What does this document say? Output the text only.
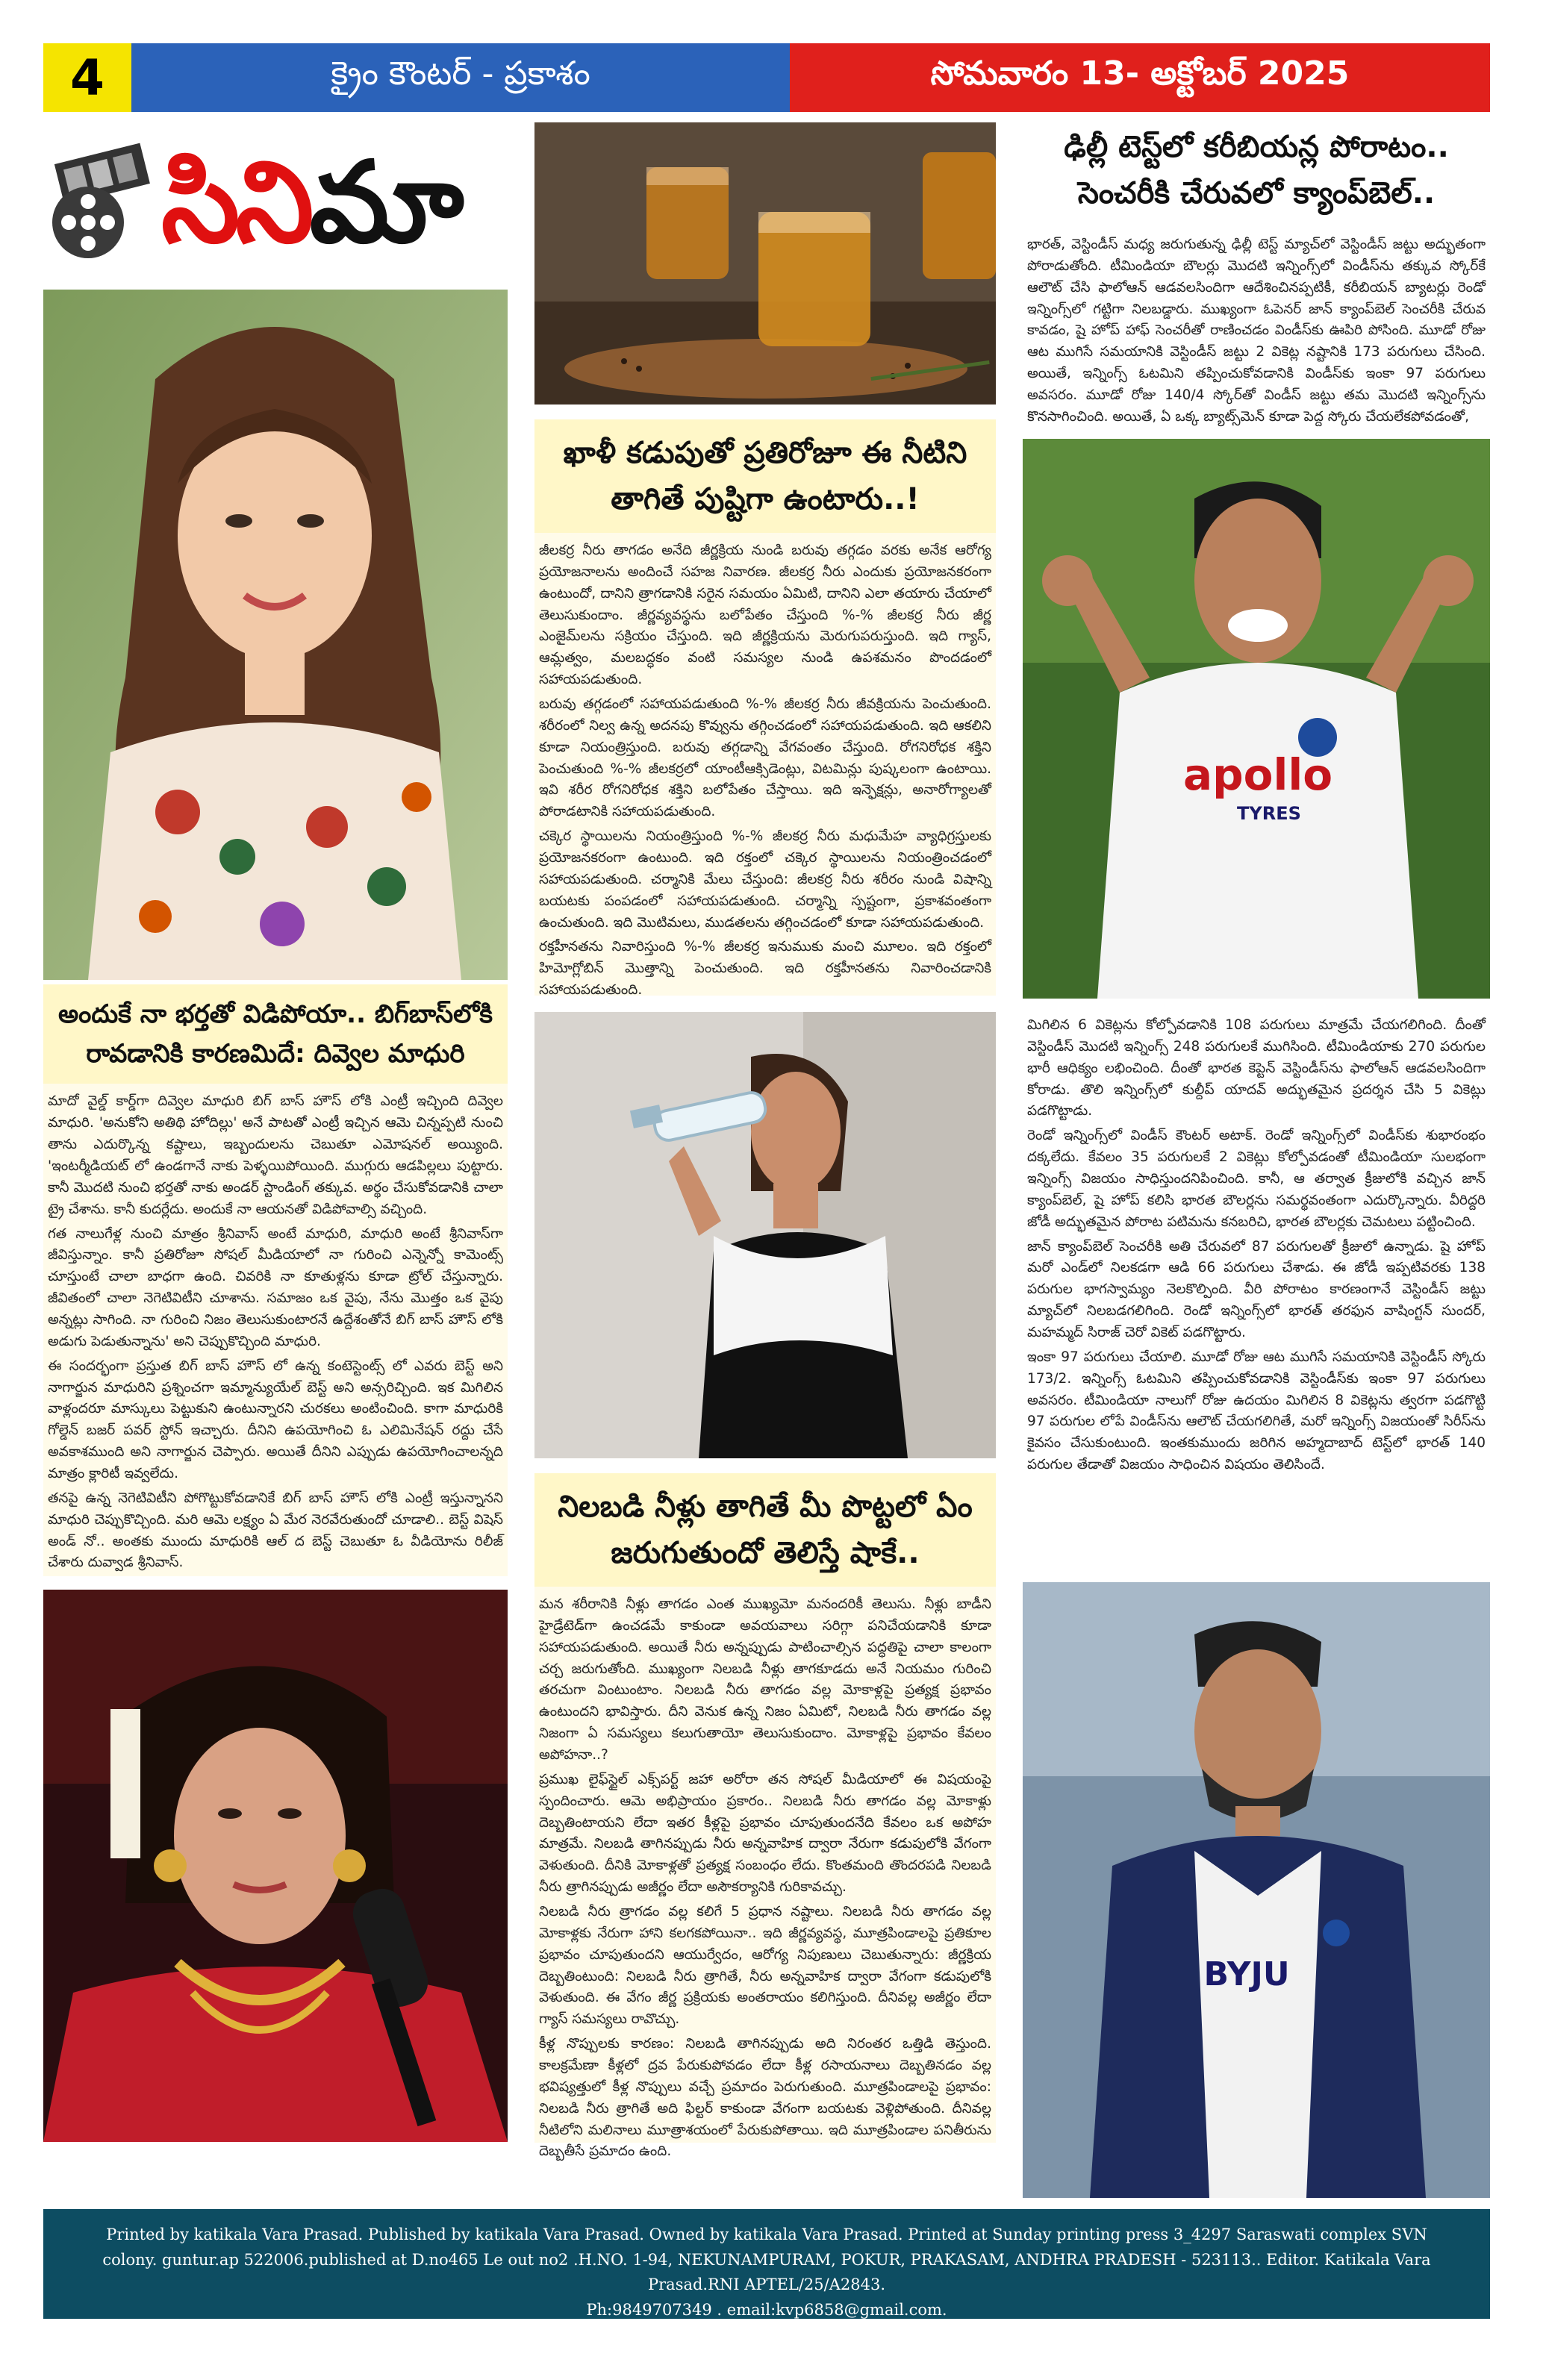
4	క్రైం కౌంటర్ - ప్రకాశం	సోమవారం 13- అక్టోబర్ 2025
సినిమా
అందుకే నా భర్తతో విడిపోయా.. బిగ్‌బాస్‌లోకి రావడానికి కారణమిదే: దివ్వెల మాధురి

మాదో వైల్డ్ కార్డ్‌గా దివ్వెల మాధురి బిగ్ బాస్ హౌస్‌ లోకి ఎంట్రీ ఇచ్చింది దివ్వెల మాధురి. 'అనుకోని అతిథి హోదిల్లు' అనే పాటతో ఎంట్రీ ఇచ్చిన ఆమె చిన్నప్పటి నుంచి తాను ఎదుర్కొన్న కష్టాలు, ఇబ్బందులను చెబుతూ ఎమోషనల్ అయ్యింది. 'ఇంటర్మీడియట్ లో ఉండగానే నాకు పెళ్ళయిపోయింది. ముగ్గురు ఆడపిల్లలు పుట్టారు. కానీ మొదటి నుంచి భర్తతో నాకు అండర్ స్టాండింగ్ తక్కువ. అర్థం చేసుకోవడానికి చాలా ట్రై చేశాను. కానీ కుదర్లేదు. అందుకే నా ఆయనతో విడిపోవాల్సి వచ్చింది.

గత నాలుగేళ్ల నుంచి మాత్రం శ్రీనివాస్ అంటే మాధురి, మాధురి అంటే శ్రీనివాస్‌గా జీవిస్తున్నాం. కానీ ప్రతిరోజూ సోషల్ మీడియాలో నా గురించి ఎన్నెన్నో కామెంట్స్ చూస్తుంటే చాలా బాధగా ఉంది. చివరికి నా కూతుళ్లను కూడా ట్రోల్ చేస్తున్నారు. జీవితంలో చాలా నెగెటివిటీని చూశాను. సమాజం ఒక వైపు, నేను మొత్తం ఒక వైపు అన్నట్లు సాగింది. నా గురించి నిజం తెలుసుకుంటారనే ఉద్దేశంతోనే బిగ్ బాస్ హౌస్ లోకి అడుగు పెడుతున్నాను' అని చెప్పుకొచ్చింది మాధురి.

ఈ సందర్భంగా ప్రస్తుత బిగ్ బాస్ హౌస్ లో ఉన్న కంటెస్టెంట్స్ లో ఎవరు బెస్ట్ అని నాగార్జున మాధురిని ప్రశ్నించగా ఇమ్మాన్యుయేల్ బెస్ట్ అని అన్సరిచ్చింది. ఇక మిగిలిన వాళ్లందరూ మాస్కులు పెట్టుకుని ఉంటున్నారని చురకలు అంటించింది. కాగా మాధురికి గోల్డెన్ బజర్ పవర్ స్టోన్ ఇచ్చారు. దీనిని ఉపయోగించి ఓ ఎలిమినేషన్ రద్దు చేసే అవకాశముంది అని నాగార్జున చెప్పారు. అయితే దీనిని ఎప్పుడు ఉపయోగించాలన్నది మాత్రం క్లారిటీ ఇవ్వలేదు.

తనపై ఉన్న నెగెటివిటీని పోగొట్టుకోవడానికే బిగ్ బాస్ హౌస్ లోకి ఎంట్రీ ఇస్తున్నానని మాధురి చెప్పుకొచ్చింది. మరి ఆమె లక్ష్యం ఏ మేర నెరవేరుతుందో చూడాలి.. బెస్ట్ విషెస్ అండ్ నో.. అంతకు ముందు మాధురికి ఆల్ ద బెస్ట్ చెబుతూ ఓ వీడియోను రిలీజ్ చేశారు దువ్వాడ శ్రీనివాస్.

ఖాళీ కడుపుతో ప్రతిరోజూ ఈ నీటిని తాగితే పుష్టిగా ఉంటారు..!

జీలకర్ర నీరు తాగడం అనేది జీర్ణక్రియ నుండి బరువు తగ్గడం వరకు అనేక ఆరోగ్య ప్రయోజనాలను అందించే సహజ నివారణ. జీలకర్ర నీరు ఎందుకు ప్రయోజనకరంగా ఉంటుందో, దానిని త్రాగడానికి సరైన సమయం ఏమిటి, దానిని ఎలా తయారు చేయాలో తెలుసుకుందాం. జీర్ణవ్యవస్థను బలోపేతం చేస్తుంది %-% జీలకర్ర నీరు జీర్ణ ఎంజైమ్‌లను సక్రియం చేస్తుంది. ఇది జీర్ణక్రియను మెరుగుపరుస్తుంది. ఇది గ్యాస్, ఆమ్లత్వం, మలబద్ధకం వంటి సమస్యల నుండి ఉపశమనం పొందడంలో సహాయపడుతుంది.

బరువు తగ్గడంలో సహాయపడుతుంది %-% జీలకర్ర నీరు జీవక్రియను పెంచుతుంది. శరీరంలో నిల్వ ఉన్న అదనపు కొవ్వును తగ్గించడంలో సహాయపడుతుంది. ఇది ఆకలిని కూడా నియంత్రిస్తుంది. బరువు తగ్గడాన్ని వేగవంతం చేస్తుంది. రోగనిరోధక శక్తిని పెంచుతుంది %-% జీలకర్రలో యాంటీఆక్సిడెంట్లు, విటమిన్లు పుష్కలంగా ఉంటాయి. ఇవి శరీర రోగనిరోధక శక్తిని బలోపేతం చేస్తాయి. ఇది ఇన్ఫెక్షన్లు, అనారోగ్యాలతో పోరాడటానికి సహాయపడుతుంది.

చక్కెర స్థాయిలను నియంత్రిస్తుంది %-% జీలకర్ర నీరు మధుమేహ వ్యాధిగ్రస్తులకు ప్రయోజనకరంగా ఉంటుంది. ఇది రక్తంలో చక్కెర స్థాయిలను నియంత్రించడంలో సహాయపడుతుంది. చర్మానికి మేలు చేస్తుంది: జీలకర్ర నీరు శరీరం నుండి విషాన్ని బయటకు పంపడంలో సహాయపడుతుంది. చర్మాన్ని స్పష్టంగా, ప్రకాశవంతంగా ఉంచుతుంది. ఇది మొటిమలు, ముడతలను తగ్గించడంలో కూడా సహాయపడుతుంది.

రక్తహీనతను నివారిస్తుంది %-% జీలకర్ర ఇనుముకు మంచి మూలం. ఇది రక్తంలో హిమోగ్లోబిన్ మొత్తాన్ని పెంచుతుంది. ఇది రక్తహీనతను నివారించడానికి సహాయపడుతుంది.

నిలబడి నీళ్లు తాగితే మీ పొట్టలో ఏం జరుగుతుందో తెలిస్తే షాకే..

మన శరీరానికి నీళ్లు తాగడం ఎంత ముఖ్యమో మనందరికీ తెలుసు. నీళ్లు బాడీని హైడ్రేటెడ్‌గా ఉంచడమే కాకుండా అవయవాలు సరిగ్గా పనిచేయడానికి కూడా సహాయపడుతుంది. అయితే నీరు అన్నప్పుడు పాటించాల్సిన పద్ధతిపై చాలా కాలంగా చర్చ జరుగుతోంది. ముఖ్యంగా నిలబడి నీళ్లు తాగకూడదు అనే నియమం గురించి తరచుగా వింటుంటాం. నిలబడి నీరు తాగడం వల్ల మోకాళ్లపై ప్రత్యక్ష ప్రభావం ఉంటుందని భావిస్తారు. దీని వెనుక ఉన్న నిజం ఏమిటో, నిలబడి నీరు తాగడం వల్ల నిజంగా ఏ సమస్యలు కలుగుతాయో తెలుసుకుందాం. మోకాళ్లపై ప్రభావం కేవలం అపోహనా..?

ప్రముఖ లైఫ్‌స్టైల్ ఎక్స్‌పర్ట్ జహా అరోరా తన సోషల్ మీడియాలో ఈ విషయంపై స్పందించారు. ఆమె అభిప్రాయం ప్రకారం.. నిలబడి నీరు తాగడం వల్ల మోకాళ్లు దెబ్బతింటాయని లేదా ఇతర కీళ్లపై ప్రభావం చూపుతుందనేది కేవలం ఒక అపోహ మాత్రమే. నిలబడి తాగినప్పుడు నీరు అన్నవాహిక ద్వారా నేరుగా కడుపులోకి వేగంగా వెళుతుంది. దీనికి మోకాళ్లతో ప్రత్యక్ష సంబంధం లేదు. కొంతమంది తొందరపడి నిలబడి నీరు త్రాగినప్పుడు అజీర్ణం లేదా అసౌకర్యానికి గురికావచ్చు.

నిలబడి నీరు త్రాగడం వల్ల కలిగే 5 ప్రధాన నష్టాలు. నిలబడి నీరు తాగడం వల్ల మోకాళ్లకు నేరుగా హాని కలగకపోయినా.. ఇది జీర్ణవ్యవస్థ, మూత్రపిండాలపై ప్రతికూల ప్రభావం చూపుతుందని ఆయుర్వేదం, ఆరోగ్య నిపుణులు చెబుతున్నారు: జీర్ణక్రియ దెబ్బతింటుంది: నిలబడి నీరు త్రాగితే, నీరు అన్నవాహిక ద్వారా వేగంగా కడుపులోకి వెళుతుంది. ఈ వేగం జీర్ణ ప్రక్రియకు అంతరాయం కలిగిస్తుంది. దీనివల్ల అజీర్ణం లేదా గ్యాస్ సమస్యలు రావొచ్చు.

కీళ్ల నొప్పులకు కారణం: నిలబడి తాగినప్పుడు అది నిరంతర ఒత్తిడి తెస్తుంది. కాలక్రమేణా కీళ్లలో ద్రవ పేరుకుపోవడం లేదా కీళ్ల రసాయనాలు దెబ్బతినడం వల్ల భవిష్యత్తులో కీళ్ల నొప్పులు వచ్చే ప్రమాదం పెరుగుతుంది. మూత్రపిండాలపై ప్రభావం: నిలబడి నీరు త్రాగితే అది ఫిల్టర్ కాకుండా వేగంగా బయటకు వెళ్లిపోతుంది. దీనివల్ల నీటిలోని మలినాలు మూత్రాశయంలో పేరుకుపోతాయి. ఇది మూత్రపిండాల పనితీరును దెబ్బతీసే ప్రమాదం ఉంది.

ఢిల్లీ టెస్ట్‌లో కరీబియన్ల పోరాటం.. సెంచరీకి చేరువలో క్యాంప్‌బెల్..

భారత్, వెస్టిండీస్ మధ్య జరుగుతున్న ఢిల్లీ టెస్ట్ మ్యాచ్‌లో వెస్టిండీస్ జట్టు అద్భుతంగా పోరాడుతోంది. టీమిండియా బౌలర్లు మొదటి ఇన్నింగ్స్‌లో విండీస్‌ను తక్కువ స్కోర్‌కే ఆలౌట్ చేసి ఫాలోఆన్ ఆడవలసిందిగా ఆదేశించినప్పటికీ, కరీబియన్ బ్యాటర్లు రెండో ఇన్నింగ్స్‌లో గట్టిగా నిలబడ్డారు. ముఖ్యంగా ఓపెనర్ జాన్ క్యాంప్‌బెల్ సెంచరీకి చేరువ కావడం, షై హోప్ హాఫ్ సెంచరీతో రాణించడం విండీస్‌కు ఊపిరి పోసింది. మూడో రోజు ఆట ముగిసే సమయానికి వెస్టిండీస్ జట్టు 2 వికెట్ల నష్టానికి 173 పరుగులు చేసింది. అయితే, ఇన్నింగ్స్ ఓటమిని తప్పించుకోవడానికి విండీస్‌కు ఇంకా 97 పరుగులు అవసరం. మూడో రోజు 140/4 స్కోర్‌తో విండీస్ జట్టు తమ మొదటి ఇన్నింగ్స్‌ను కొనసాగించింది. అయితే, ఏ ఒక్క బ్యాట్స్‌మెన్ కూడా పెద్ద స్కోరు చేయలేకపోవడంతో,

apollo
TYRES

మిగిలిన 6 వికెట్లను కోల్పోవడానికి 108 పరుగులు మాత్రమే చేయగలిగింది. దీంతో వెస్టిండీస్ మొదటి ఇన్నింగ్స్ 248 పరుగులకే ముగిసింది. టీమిండియాకు 270 పరుగుల భారీ ఆధిక్యం లభించింది. దీంతో భారత కెప్టెన్ వెస్టిండీస్‌ను ఫాలోఆన్ ఆడవలసిందిగా కోరాడు. తొలి ఇన్నింగ్స్‌లో కుల్దీప్ యాదవ్ అద్భుతమైన ప్రదర్శన చేసి 5 వికెట్లు పడగొట్టాడు.

రెండో ఇన్నింగ్స్‌లో విండీస్ కౌంటర్ అటాక్. రెండో ఇన్నింగ్స్‌లో విండీస్‌కు శుభారంభం దక్కలేదు. కేవలం 35 పరుగులకే 2 వికెట్లు కోల్పోవడంతో టీమిండియా సులభంగా ఇన్నింగ్స్ విజయం సాధిస్తుందనిపించింది. కానీ, ఆ తర్వాత క్రీజులోకి వచ్చిన జాన్ క్యాంప్‌బెల్, షై హోప్ కలిసి భారత బౌలర్లను సమర్థవంతంగా ఎదుర్కొన్నారు. వీరిద్దరి జోడీ అద్భుతమైన పోరాట పటిమను కనబరిచి, భారత బౌలర్లకు చెమటలు పట్టించింది.

జాన్ క్యాంప్‌బెల్ సెంచరీకి అతి చేరువలో 87 పరుగులతో క్రీజులో ఉన్నాడు. షై హోప్ మరో ఎండ్‌లో నిలకడగా ఆడి 66 పరుగులు చేశాడు. ఈ జోడీ ఇప్పటివరకు 138 పరుగుల భాగస్వామ్యం నెలకొల్పింది. వీరి పోరాటం కారణంగానే వెస్టిండీస్ జట్టు మ్యాచ్‌లో నిలబడగలిగింది. రెండో ఇన్నింగ్స్‌లో భారత్ తరఫున వాషింగ్టన్ సుందర్, మహమ్మద్ సిరాజ్ చెరో వికెట్ పడగొట్టారు.

ఇంకా 97 పరుగులు చేయాలి. మూడో రోజు ఆట ముగిసే సమయానికి వెస్టిండీస్ స్కోరు 173/2. ఇన్నింగ్స్ ఓటమిని తప్పించుకోవడానికి వెస్టిండీస్‌కు ఇంకా 97 పరుగులు అవసరం. టీమిండియా నాలుగో రోజు ఉదయం మిగిలిన 8 వికెట్లను త్వరగా పడగొట్టి 97 పరుగుల లోపే విండీస్‌ను ఆలౌట్ చేయగలిగితే, మరో ఇన్నింగ్స్ విజయంతో సిరీస్‌ను కైవసం చేసుకుంటుంది. ఇంతకుముందు జరిగిన అహ్మదాబాద్ టెస్ట్‌లో భారత్ 140 పరుగుల తేడాతో విజయం సాధించిన విషయం తెలిసిందే.

BYJU
Printed by katikala Vara Prasad. Published by katikala Vara Prasad. Owned by katikala Vara Prasad. Printed at Sunday printing press 3_4297 Saraswati complex SVN colony. guntur.ap 522006.published at D.no465 Le out no2 .H.NO. 1-94, NEKUNAMPURAM, POKUR, PRAKASAM, ANDHRA PRADESH - 523113.. Editor. Katikala Vara Prasad.RNI APTEL/25/A2843.
Ph:9849707349 . email:kvp6858@gmail.com.
